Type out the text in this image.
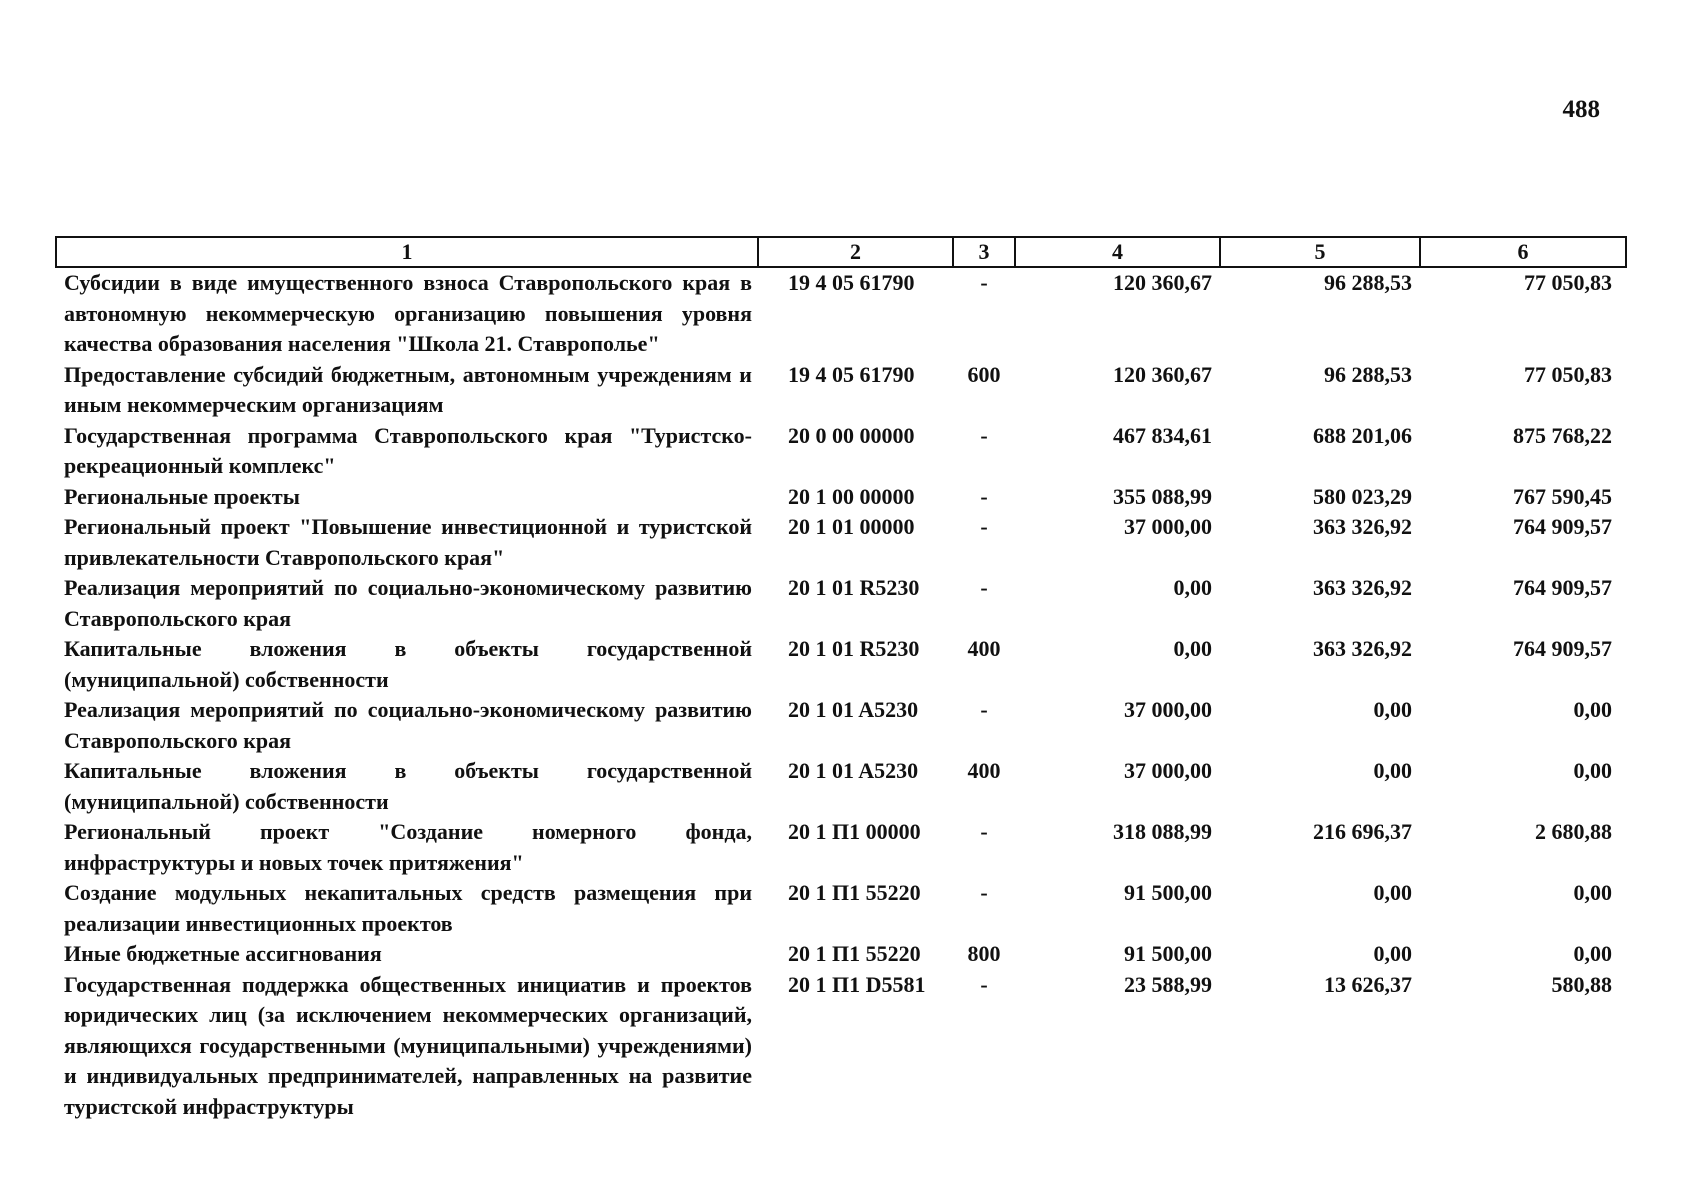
488
1	2	3	4	5	6
Субсидии в виде имущественного взноса Ставропольского края в автономную некоммерческую организацию повышения уровня качества образования населения "Школа 21. Ставрополье"	19 4 05 61790	-	120 360,67	96 288,53	77 050,83
Предоставление субсидий бюджетным, автономным учреждениям и иным некоммерческим организациям	19 4 05 61790	600	120 360,67	96 288,53	77 050,83
Государственная программа Ставропольского края "Туристско-рекреационный комплекс"	20 0 00 00000	-	467 834,61	688 201,06	875 768,22
Региональные проекты	20 1 00 00000	-	355 088,99	580 023,29	767 590,45
Региональный проект "Повышение инвестиционной и туристской привлекательности Ставропольского края"	20 1 01 00000	-	37 000,00	363 326,92	764 909,57
Реализация мероприятий по социально-экономическому развитию Ставропольского края	20 1 01 R5230	-	0,00	363 326,92	764 909,57
Капитальные вложения в объекты государственной (муниципальной) собственности	20 1 01 R5230	400	0,00	363 326,92	764 909,57
Реализация мероприятий по социально-экономическому развитию Ставропольского края	20 1 01 A5230	-	37 000,00	0,00	0,00
Капитальные вложения в объекты государственной (муниципальной) собственности	20 1 01 A5230	400	37 000,00	0,00	0,00
Региональный проект "Создание номерного фонда, инфраструктуры и новых точек притяжения"	20 1 П1 00000	-	318 088,99	216 696,37	2 680,88
Создание модульных некапитальных средств размещения при реализации инвестиционных проектов	20 1 П1 55220	-	91 500,00	0,00	0,00
Иные бюджетные ассигнования	20 1 П1 55220	800	91 500,00	0,00	0,00
Государственная поддержка общественных инициатив и проектов юридических лиц (за исключением некоммерческих организаций, являющихся государственными (муниципальными) учреждениями) и индивидуальных предпринимателей, направленных на развитие туристской инфраструктуры	20 1 П1 D5581	-	23 588,99	13 626,37	580,88
